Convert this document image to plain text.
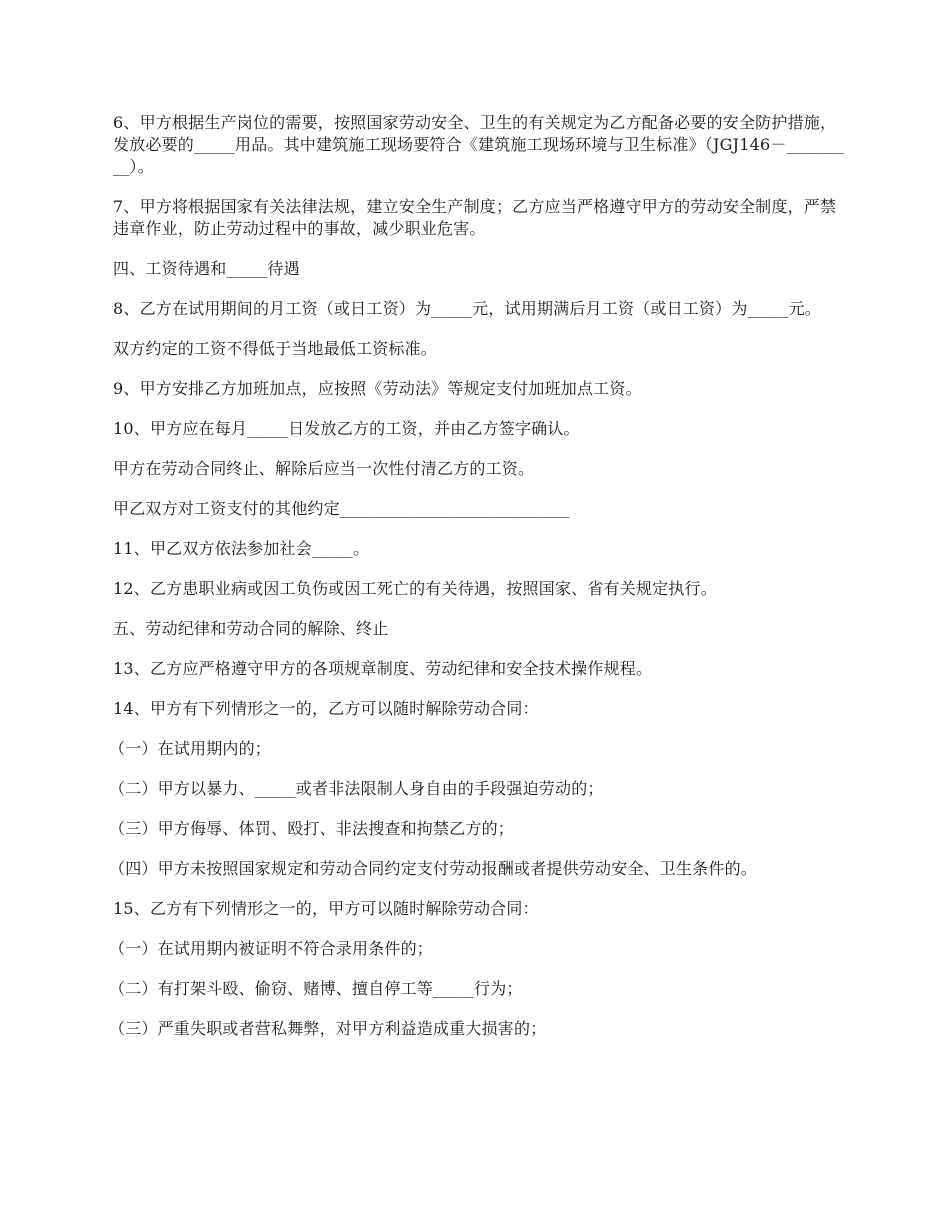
6、甲方根据生产岗位的需要，按照国家劳动安全、卫生的有关规定为乙方配备必要的安全防护措施，发放必要的_____用品。其中建筑施工现场要符合《建筑施工现场环境与卫生标准》（JGJ146－_________）。

7、甲方将根据国家有关法律法规，建立安全生产制度；乙方应当严格遵守甲方的劳动安全制度，严禁违章作业，防止劳动过程中的事故，减少职业危害。

四、工资待遇和_____待遇

8、乙方在试用期间的月工资（或日工资）为_____元，试用期满后月工资（或日工资）为_____元。

双方约定的工资不得低于当地最低工资标准。

9、甲方安排乙方加班加点，应按照《劳动法》等规定支付加班加点工资。

10、甲方应在每月_____日发放乙方的工资，并由乙方签字确认。

甲方在劳动合同终止、解除后应当一次性付清乙方的工资。

甲乙双方对工资支付的其他约定____________________________

11、甲乙双方依法参加社会_____。

12、乙方患职业病或因工负伤或因工死亡的有关待遇，按照国家、省有关规定执行。

五、劳动纪律和劳动合同的解除、终止

13、乙方应严格遵守甲方的各项规章制度、劳动纪律和安全技术操作规程。

14、甲方有下列情形之一的，乙方可以随时解除劳动合同：

（一）在试用期内的；

（二）甲方以暴力、_____或者非法限制人身自由的手段强迫劳动的；

（三）甲方侮辱、体罚、殴打、非法搜查和拘禁乙方的；

（四）甲方未按照国家规定和劳动合同约定支付劳动报酬或者提供劳动安全、卫生条件的。

15、乙方有下列情形之一的，甲方可以随时解除劳动合同：

（一）在试用期内被证明不符合录用条件的；

（二）有打架斗殴、偷窃、赌博、擅自停工等_____行为；

（三）严重失职或者营私舞弊，对甲方利益造成重大损害的；
